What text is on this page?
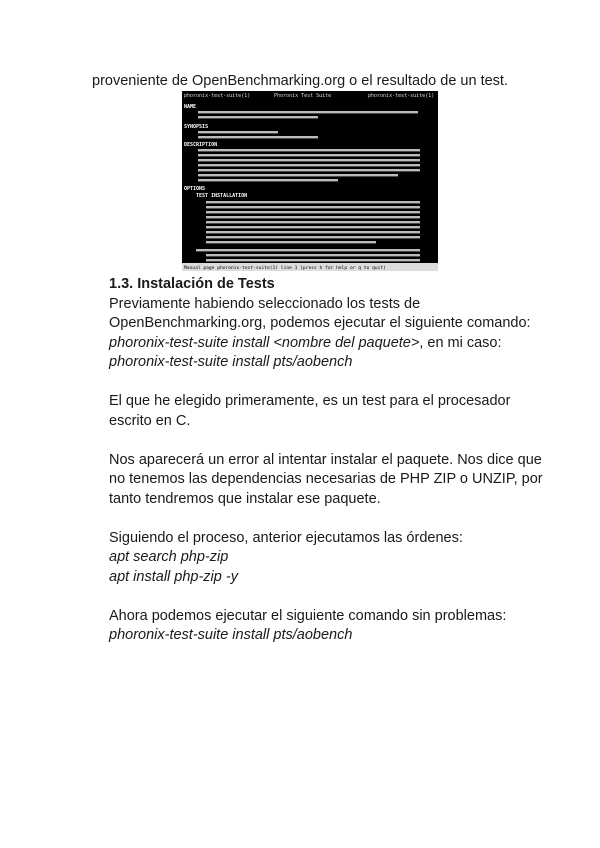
proveniente de OpenBenchmarking.org o el resultado de un test.
phoronix-test-suite(1)	Phoronix Test Suite	phoronix-test-suite(1)
NAME
SYNOPSIS
DESCRIPTION
OPTIONS
TEST INSTALLATION
Manual page phoronix-test-suite(1) line 1 (press h for help or q to quit)

1.3. Instalación de Tests

Previamente habiendo seleccionado los tests de

OpenBenchmarking.org, podemos ejecutar el siguiente comando:

phoronix-test-suite install <nombre del paquete>, en mi caso:

phoronix-test-suite install pts/aobench

El que he elegido primeramente, es un test para el procesador

escrito en C.

Nos aparecerá un error al intentar instalar el paquete. Nos dice que

no tenemos las dependencias necesarias de PHP ZIP o UNZIP, por

tanto tendremos que instalar ese paquete.

Siguiendo el proceso, anterior ejecutamos las órdenes:

apt search php-zip

apt install php-zip -y

Ahora podemos ejecutar el siguiente comando sin problemas:

phoronix-test-suite install pts/aobench
